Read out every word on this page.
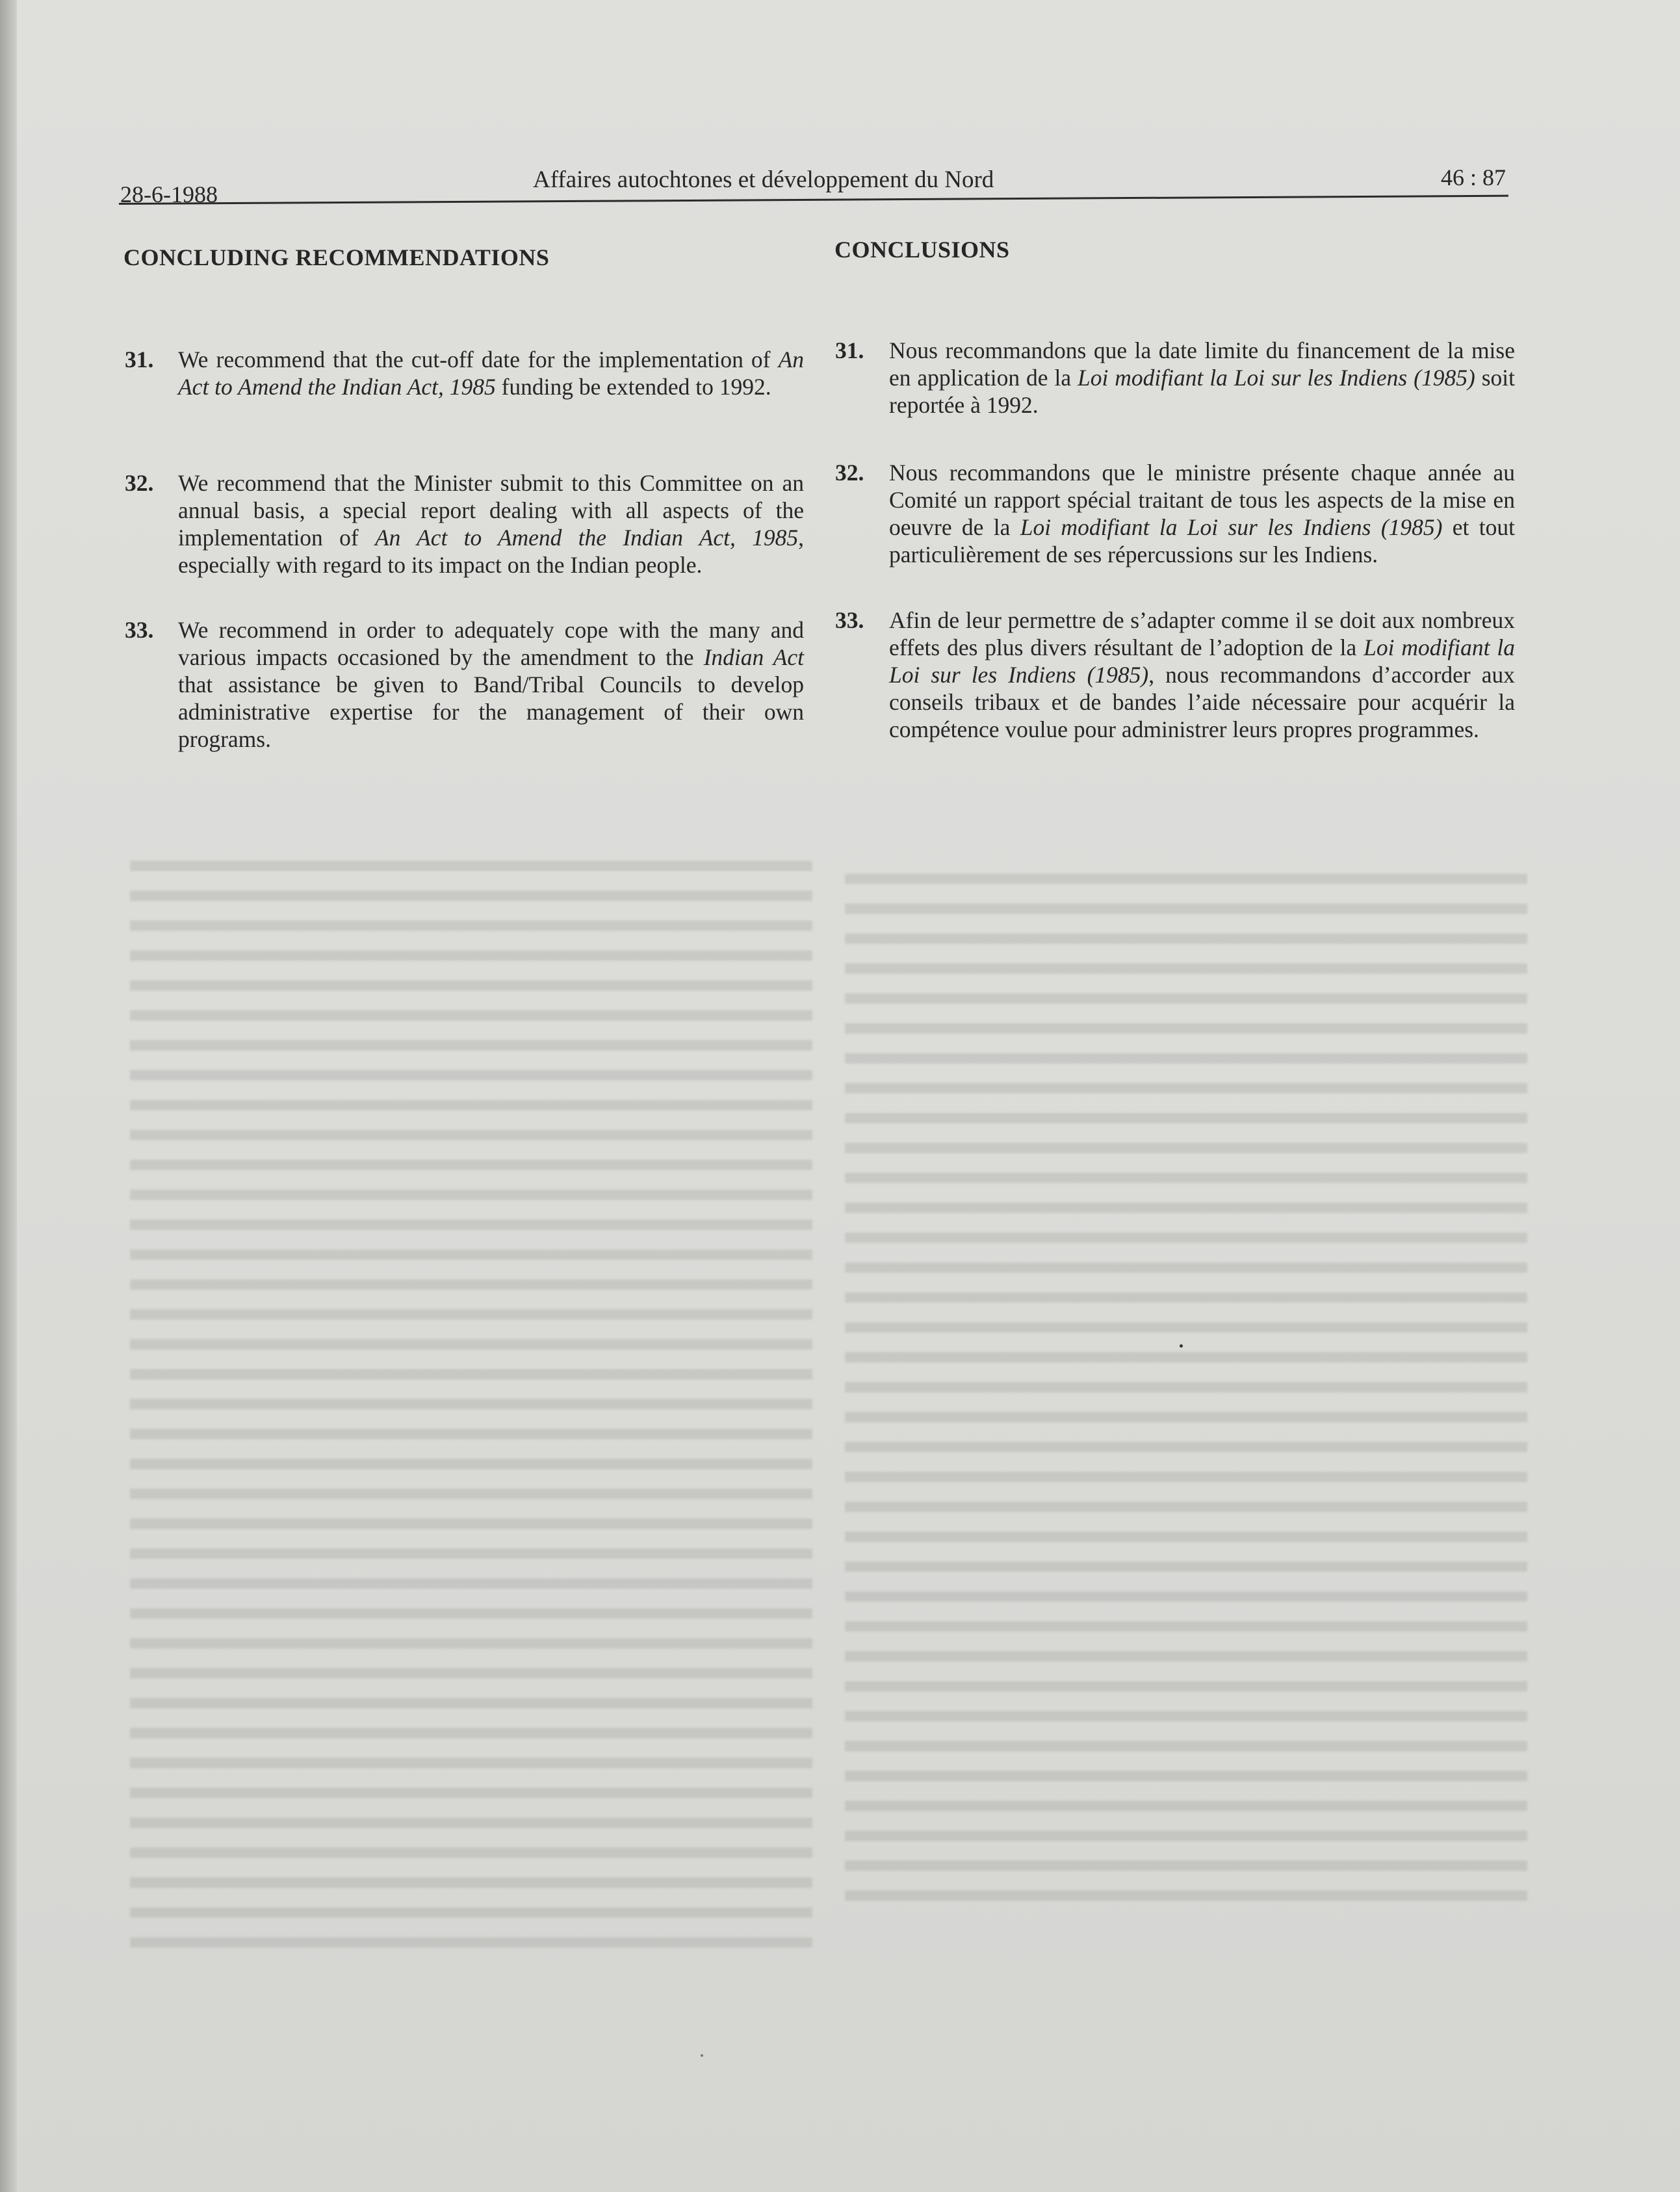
28-6-1988
Affaires autochtones et développement du Nord	46 : 87
CONCLUDING RECOMMENDATIONS	CONCLUSIONS
31. We recommend that the cut-off date for the implementation of An Act to Amend the Indian Act, 1985 funding be extended to 1992.
32. We recommend that the Minister submit to this Committee on an annual basis, a special report dealing with all aspects of the implementation of An Act to Amend the Indian Act, 1985, especially with regard to its impact on the Indian people.
33. We recommend in order to adequately cope with the many and various impacts occasioned by the amendment to the Indian Act that assistance be given to Band/Tribal Councils to develop administrative expertise for the management of their own programs.
31. Nous recommandons que la date limite du financement de la mise en application de la Loi modifiant la Loi sur les Indiens (1985) soit reportée à 1992.
32. Nous recommandons que le ministre présente chaque année au Comité un rapport spécial traitant de tous les aspects de la mise en oeuvre de la Loi modifiant la Loi sur les Indiens (1985) et tout particulièrement de ses répercussions sur les Indiens.
33. Afin de leur permettre de s’adapter comme il se doit aux nombreux effets des plus divers résultant de l’adoption de la Loi modifiant la Loi sur les Indiens (1985), nous recommandons d’accorder aux conseils tribaux et de bandes l’aide nécessaire pour acquérir la compétence voulue pour administrer leurs propres programmes.
